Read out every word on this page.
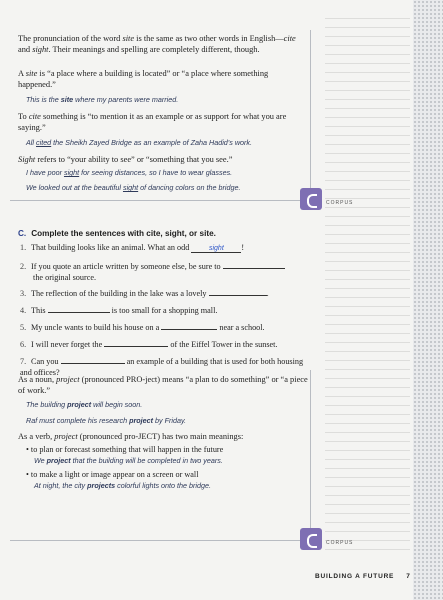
CORPUS
The pronunciation of the word site is the same as two other words in English—cite and sight. Their meanings and spelling are completely different, though.
A site is “a place where a building is located” or “a place where something happened.”
This is the site where my parents were married.
To cite something is “to mention it as an example or as support for what you are saying.”
All cited the Sheikh Zayed Bridge as an example of Zaha Hadid’s work.
Sight refers to “your ability to see” or “something that you see.”
I have poor sight for seeing distances, so I have to wear glasses.
We looked out at the beautiful sight of dancing colors on the bridge.
C. Complete the sentences with cite, sight, or site.
1. That building looks like an animal. What an odd	sight !
2. If you quote an article written by someone else, be sure to
the original source.
3. The reflection of the building in the lake was a lovely	.
4. This	is too small for a shopping mall.
5. My uncle wants to build his house on a	near a school.
6. I will never forget the	of the Eiffel Tower in the sunset.
7. Can you	an example of a building that is used for both housing and offices?
CORPUS
As a noun, project (pronounced PRO-ject) means “a plan to do something” or “a piece of work.”
The building project will begin soon.
Raf must complete his research project by Friday.
As a verb, project (pronounced pro-JECT) has two main meanings:
• to plan or forecast something that will happen in the future
We project that the building will be completed in two years.
• to make a light or image appear on a screen or wall
At night, the city projects colorful lights onto the bridge.
BUILDING A FUTURE 7
